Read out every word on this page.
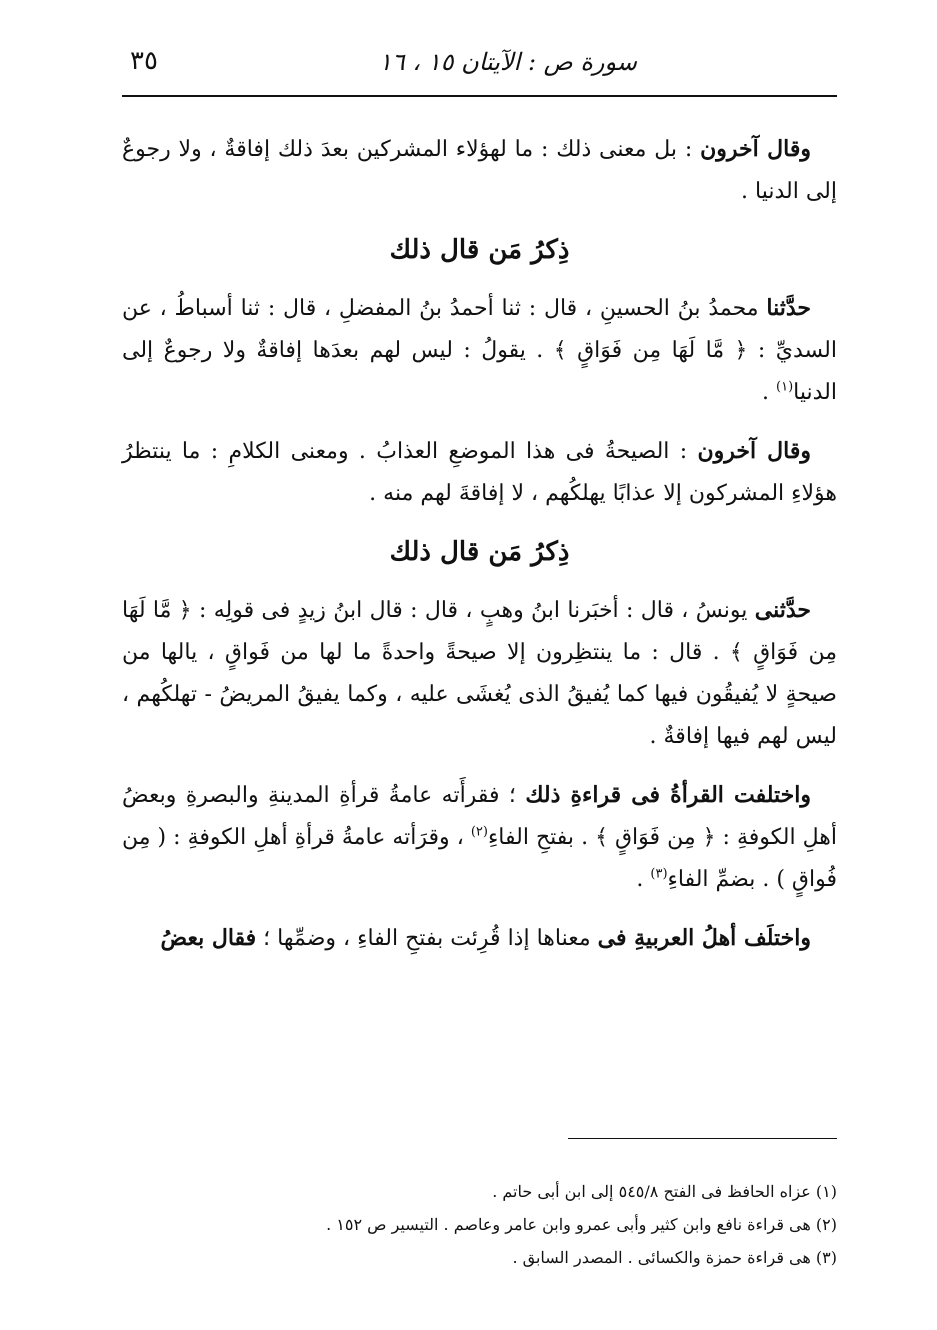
سورة ص : الآيتان ١٥ ، ١٦
٣٥

وقال آخرون : بل معنى ذلك : ما لهؤلاء المشركين بعدَ ذلك إفاقةٌ ، ولا رجوعٌ إلى الدنيا .

ذِكرُ مَن قال ذلك

حدَّثنا محمدُ بنُ الحسينِ ، قال : ثنا أحمدُ بنُ المفضلِ ، قال : ثنا أسباطُ ، عن السديِّ : ﴿ مَّا لَهَا مِن فَوَاقٍ ﴾ . يقولُ : ليس لهم بعدَها إفاقةٌ ولا رجوعٌ إلى الدنيا$^{(١)}$ .

وقال آخرون : الصيحةُ فى هذا الموضعِ العذابُ . ومعنى الكلامِ : ما ينتظرُ هؤلاءِ المشركون إلا عذابًا يهلكُهم ، لا إفاقةَ لهم منه .

ذِكرُ مَن قال ذلك

حدَّثنى يونسُ ، قال : أخبَرنا ابنُ وهبٍ ، قال : قال ابنُ زيدٍ فى قولِه : ﴿ مَّا لَهَا مِن فَوَاقٍ ﴾ . قال : ما ينتظِرون إلا صيحةً واحدةً ما لها من فَواقٍ ، يالها من صيحةٍ لا يُفيقُون فيها كما يُفيقُ الذى يُغشَى عليه ، وكما يفيقُ المريضُ - تهلكُهم ، ليس لهم فيها إفاقةٌ .

واختلفت القرأةُ فى قراءةِ ذلك ؛ فقرأَته عامةُ قرأةِ المدينةِ والبصرةِ وبعضُ أهلِ الكوفةِ : ﴿ مِن فَوَاقٍ ﴾ . بفتحِ الفاءِ$^{(٢)}$ ، وقرَأته عامةُ قرأةِ أهلِ الكوفةِ : ( مِن فُواقٍ ) . بضمِّ الفاءِ$^{(٣)}$ .

واختلَف أهلُ العربيةِ فى معناها إذا قُرِئت بفتحِ الفاءِ ، وضمِّها ؛ فقال بعضُ

(١) عزاه الحافظ فى الفتح ٥٤٥/٨ إلى ابن أبى حاتم .
(٢) هى قراءة نافع وابن كثير وأبى عمرو وابن عامر وعاصم . التيسير ص ١٥٢ .
(٣) هى قراءة حمزة والكسائى . المصدر السابق .
